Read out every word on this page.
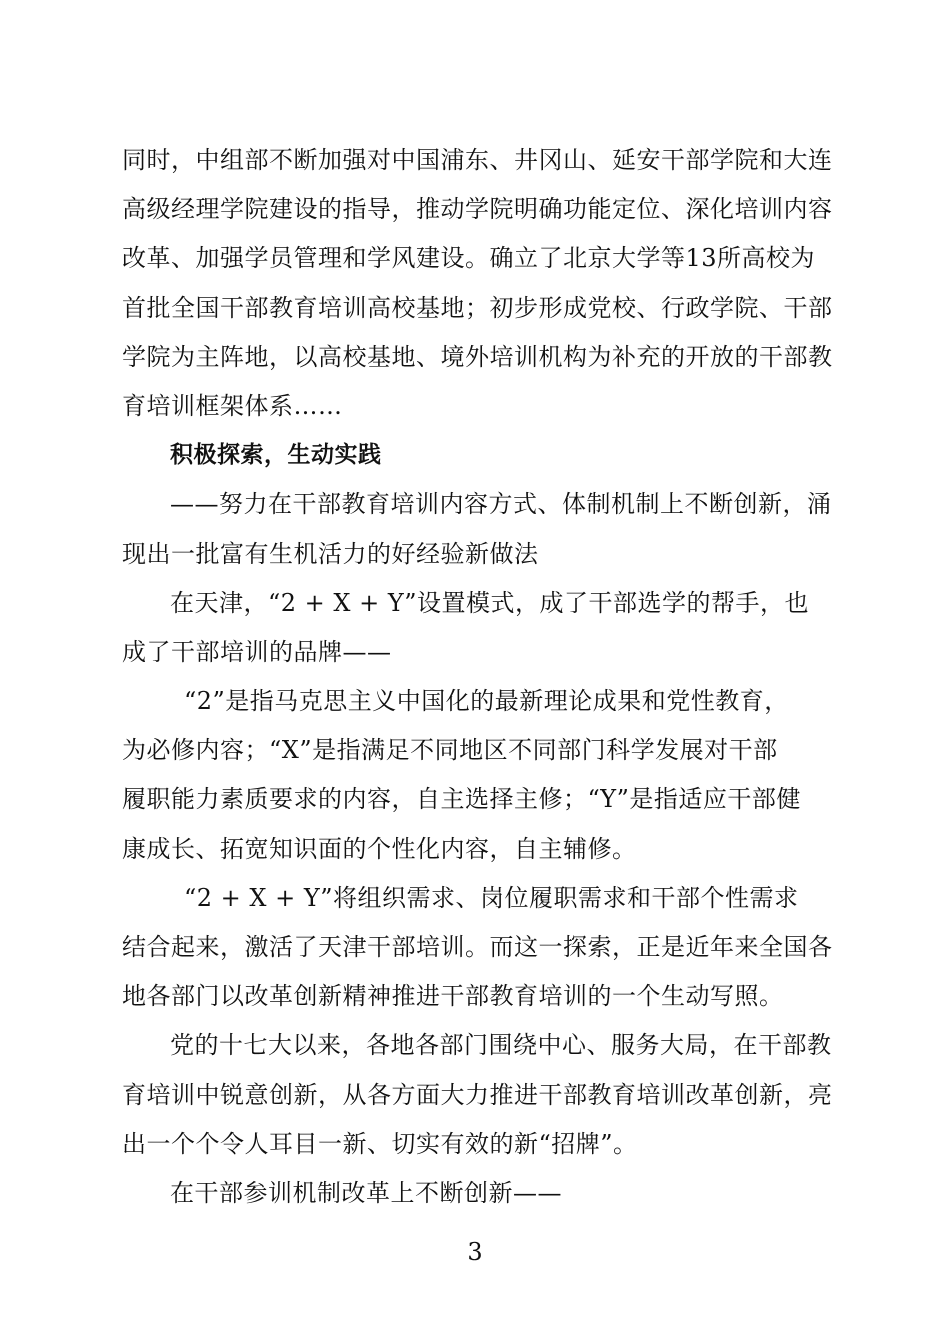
同时，中组部不断加强对中国浦东、井冈山、延安干部学院和大连
高级经理学院建设的指导，推动学院明确功能定位、深化培训内容
改革、加强学员管理和学风建设。确立了北京大学等13所高校为
首批全国干部教育培训高校基地；初步形成党校、行政学院、干部
学院为主阵地，以高校基地、境外培训机构为补充的开放的干部教
育培训框架体系……
积极探索，生动实践
——努力在干部教育培训内容方式、体制机制上不断创新，涌
现出一批富有生机活力的好经验新做法
在天津，“2 + X + Y”设置模式，成了干部选学的帮手，也
成了干部培训的品牌——
“2”是指马克思主义中国化的最新理论成果和党性教育，
为必修内容；“X”是指满足不同地区不同部门科学发展对干部
履职能力素质要求的内容，自主选择主修；“Y”是指适应干部健
康成长、拓宽知识面的个性化内容，自主辅修。
“2 + X + Y”将组织需求、岗位履职需求和干部个性需求
结合起来，激活了天津干部培训。而这一探索，正是近年来全国各
地各部门以改革创新精神推进干部教育培训的一个生动写照。
党的十七大以来，各地各部门围绕中心、服务大局，在干部教
育培训中锐意创新，从各方面大力推进干部教育培训改革创新，亮
出一个个令人耳目一新、切实有效的新“招牌”。
在干部参训机制改革上不断创新——
3
